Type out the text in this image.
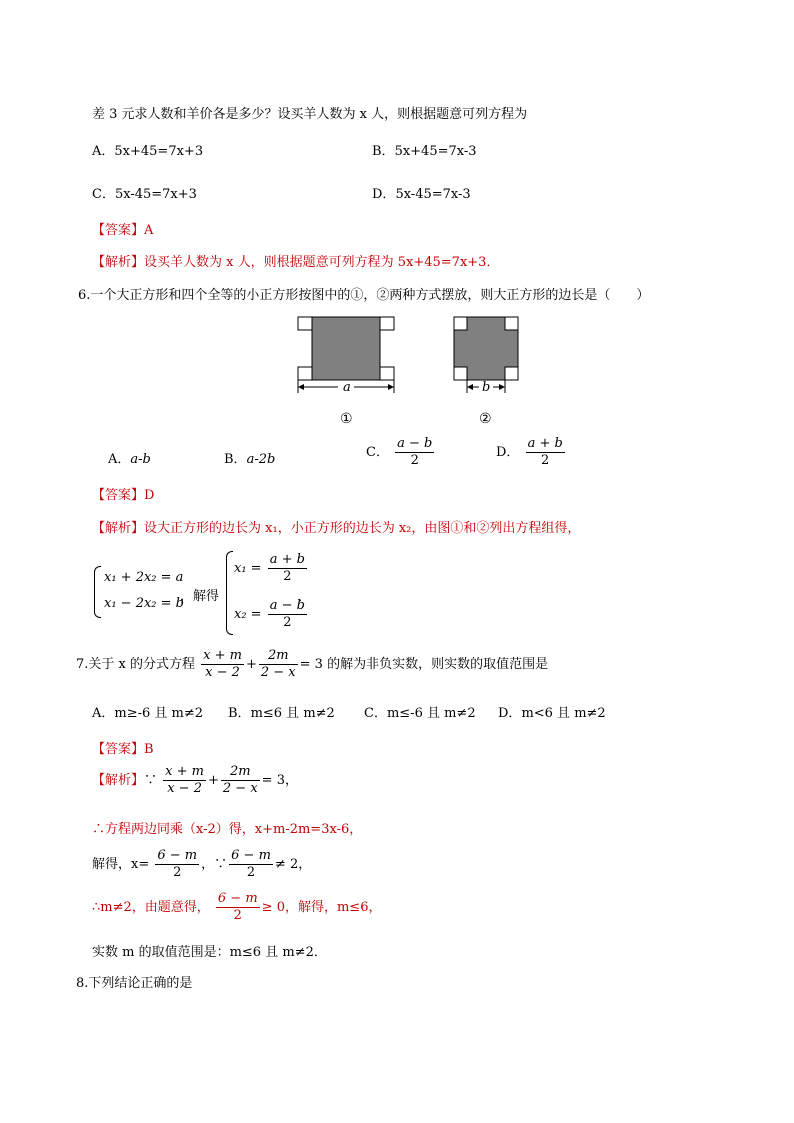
差 3 元求人数和羊价各是多少？设买羊人数为 x 人，则根据题意可列方程为
A．5x+45=7x+3	B．5x+45=7x-3
C．5x-45=7x+3	D．5x-45=7x-3
【答案】A
【解析】设买羊人数为 x 人，则根据题意可列方程为 5x+45=7x+3．
6.一个大正方形和四个全等的小正方形按图中的①，②两种方式摆放，则大正方形的边长是（　　）
a
①
b
②
A．a-b	B．a-2b	C． $\frac{a - b}{2}$	D． $\frac{a + b}{2}$
【答案】D
【解析】设大正方形的边长为 x₁，小正方形的边长为 x₂，由图①和②列出方程组得，
x₁ + 2x₂ = a
x₁ − 2x₂ = b
，解得
$x_1 = \frac{a + b}{2}$
$x_2 = \frac{a - b}{2}$
．
7.关于 x 的分式方程 $\frac{x + m}{x - 2} + \frac{2m}{2 - x} = 3$ 的解为非负实数，则实数的取值范围是
A．m≥-6 且 m≠2 B．m≤6 且 m≠2 C．m≤-6 且 m≠2 D．m<6 且 m≠2
【答案】B
【解析】∵ $\frac{x + m}{x - 2} + \frac{2m}{2 - x} = 3$，
∴方程两边同乘（x-2）得，x+m-2m=3x-6，
解得，$x= \frac{6 - m}{2}$ ，∵ $\frac{6 - m}{2} \ne 2$，
∴m≠2，由题意得， $\frac{6 - m}{2} \ge 0$，解得，m≤6，
实数 m 的取值范围是：m≤6 且 m≠2．
8.下列结论正确的是
